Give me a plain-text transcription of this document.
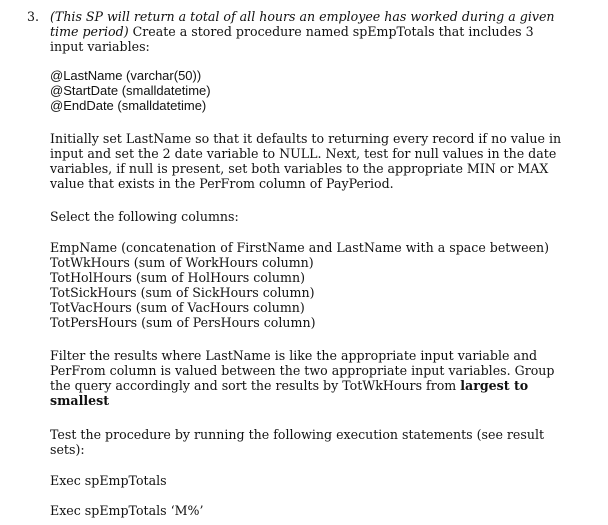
3. (This SP will return a total of all hours an employee has worked during a given
time period) Create a stored procedure named spEmpTotals that includes 3
input variables:
@LastName (varchar(50))
@StartDate (smalldatetime)
@EndDate (smalldatetime)
Initially set LastName so that it defaults to returning every record if no value in
input and set the 2 date variable to NULL. Next, test for null values in the date
variables, if null is present, set both variables to the appropriate MIN or MAX
value that exists in the PerFrom column of PayPeriod.
Select the following columns:
EmpName (concatenation of FirstName and LastName with a space between)
TotWkHours (sum of WorkHours column)
TotHolHours (sum of HolHours column)
TotSickHours (sum of SickHours column)
TotVacHours (sum of VacHours column)
TotPersHours (sum of PersHours column)
Filter the results where LastName is like the appropriate input variable and
PerFrom column is valued between the two appropriate input variables. Group
the query accordingly and sort the results by TotWkHours from largest to
smallest
Test the procedure by running the following execution statements (see result
sets):
Exec spEmpTotals
Exec spEmpTotals ‘M%’
